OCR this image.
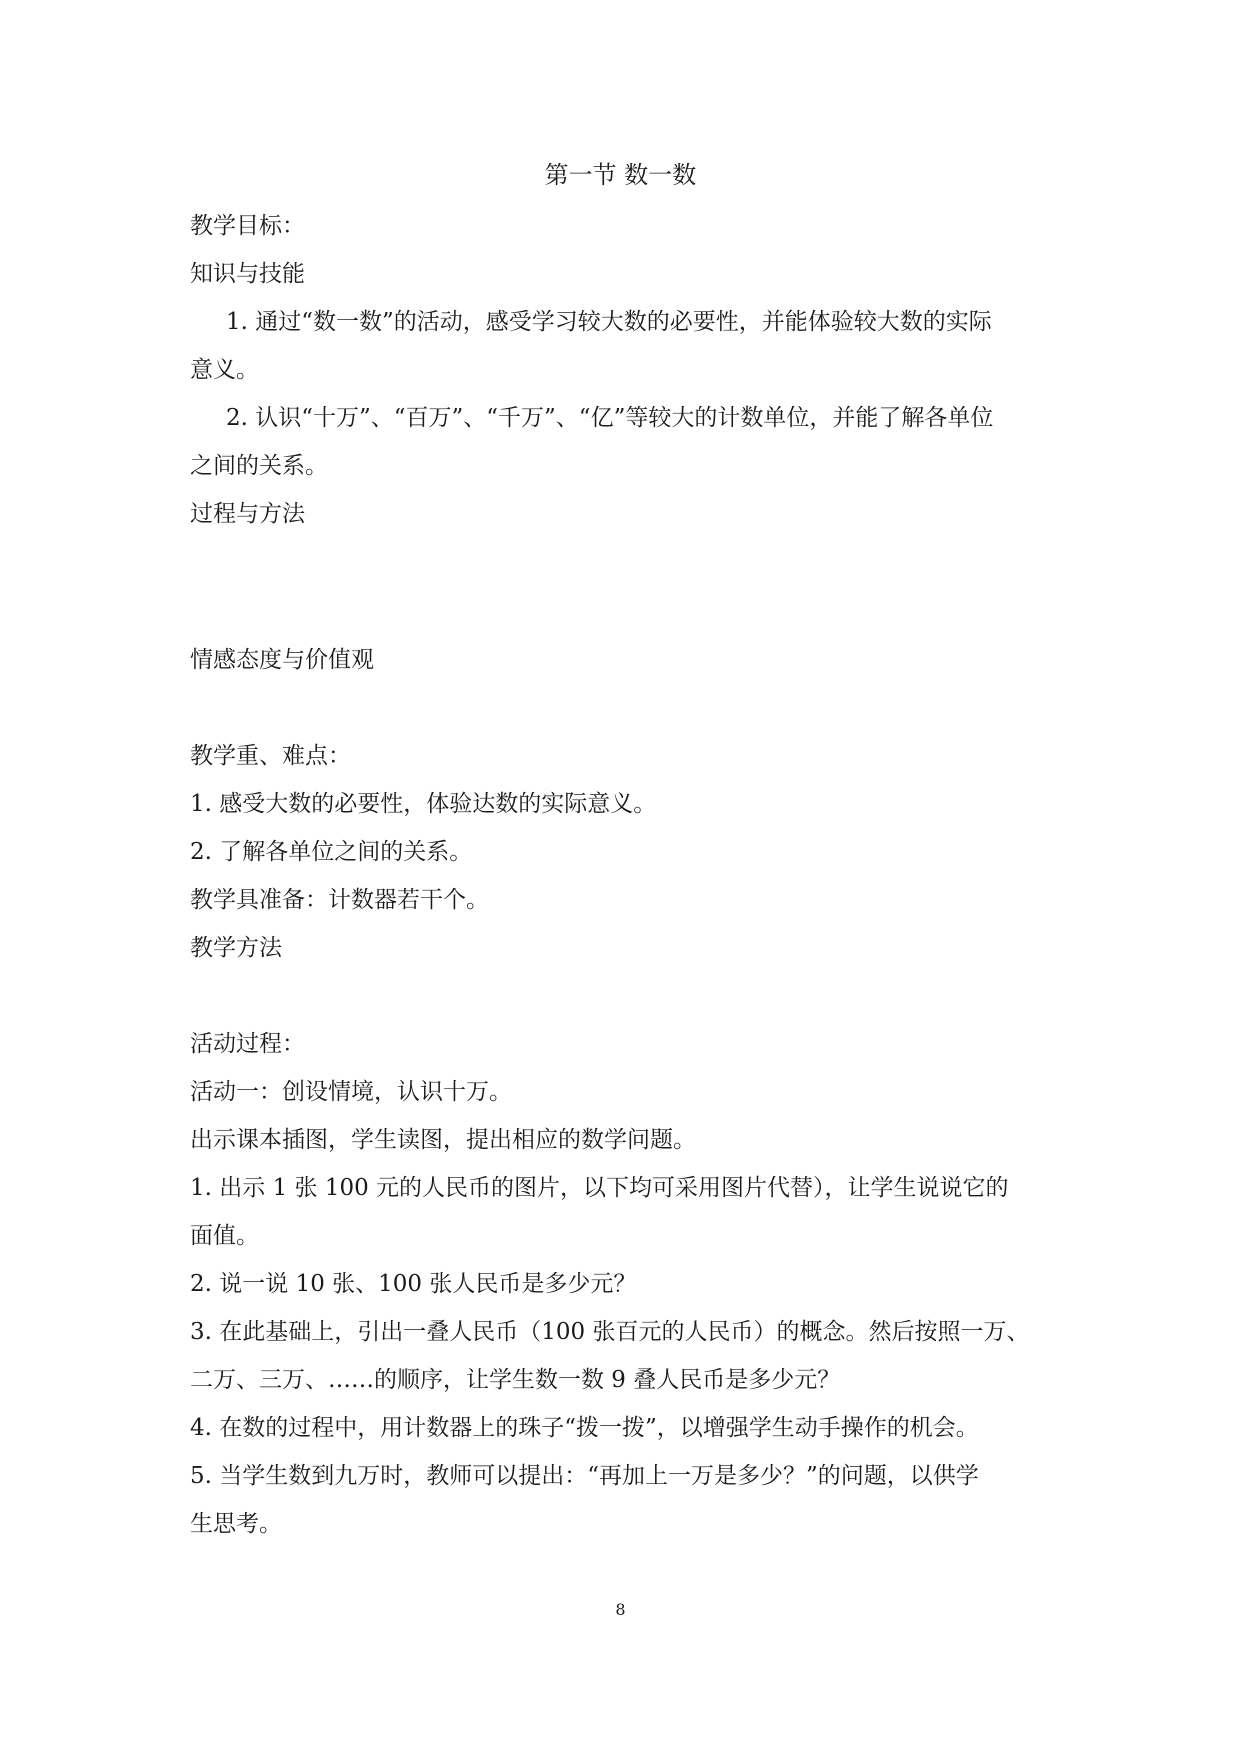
第一节 数一数
教学目标：
知识与技能
1. 通过“数一数”的活动，感受学习较大数的必要性，并能体验较大数的实际
意义。
2. 认识“十万”、“百万”、“千万”、“亿”等较大的计数单位，并能了解各单位
之间的关系。
过程与方法
情感态度与价值观
教学重、难点：
1. 感受大数的必要性，体验达数的实际意义。
2. 了解各单位之间的关系。
教学具准备：计数器若干个。
教学方法
活动过程：
活动一：创设情境，认识十万。
出示课本插图，学生读图，提出相应的数学问题。
1. 出示 1 张 100 元的人民币的图片，以下均可采用图片代替），让学生说说它的
面值。
2. 说一说 10 张、100 张人民币是多少元？
3. 在此基础上，引出一叠人民币（100 张百元的人民币）的概念。然后按照一万、
二万、三万、……的顺序，让学生数一数 9 叠人民币是多少元？
4. 在数的过程中，用计数器上的珠子“拨一拨”，以增强学生动手操作的机会。
5. 当学生数到九万时，教师可以提出：“再加上一万是多少？”的问题，以供学
生思考。
8
